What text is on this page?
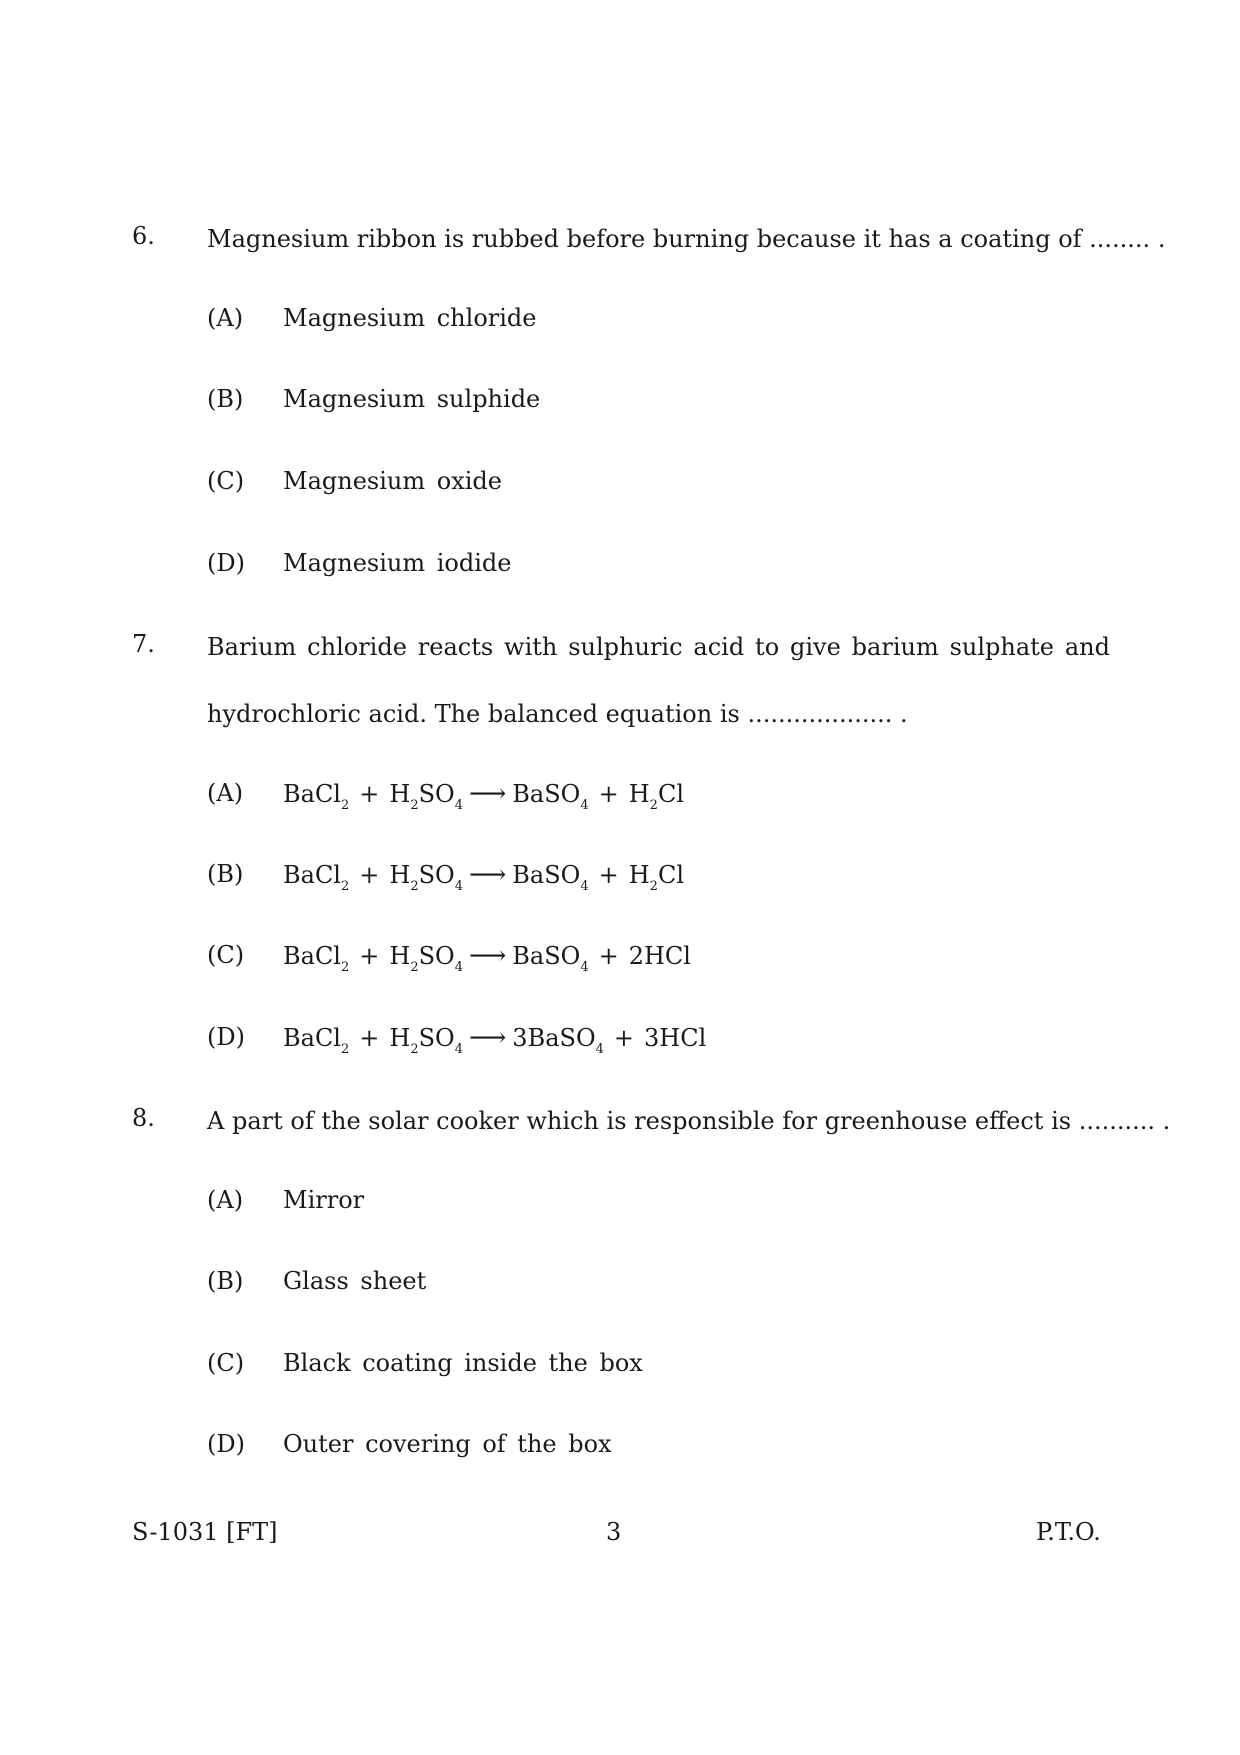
6. Magnesium ribbon is rubbed before burning because it has a coating of ........ .
(A) Magnesium chloride
(B) Magnesium sulphide
(C) Magnesium oxide
(D) Magnesium iodide
7. Barium chloride reacts with sulphuric acid to give barium sulphate and
hydrochloric acid. The balanced equation is ................... .
(A) BaCl$_2$ + $H_2SO_4$ ⟶ BaSO$_4$ + $H_2Cl$
(B) BaCl$_2$ + $H_2SO_4$ ⟶ BaSO$_4$ + $H_2Cl$
(C) BaCl$_2$ + $H_2SO_4$ ⟶ BaSO$_4$ + 2HCl
(D) BaCl$_2$ + $H_2SO_4$ ⟶ 3BaSO$_4$ + 3HCl
8. A part of the solar cooker which is responsible for greenhouse effect is .......... .
(A) Mirror
(B) Glass sheet
(C) Black coating inside the box
(D) Outer covering of the box
S-1031 [FT]	3	P.T.O.
